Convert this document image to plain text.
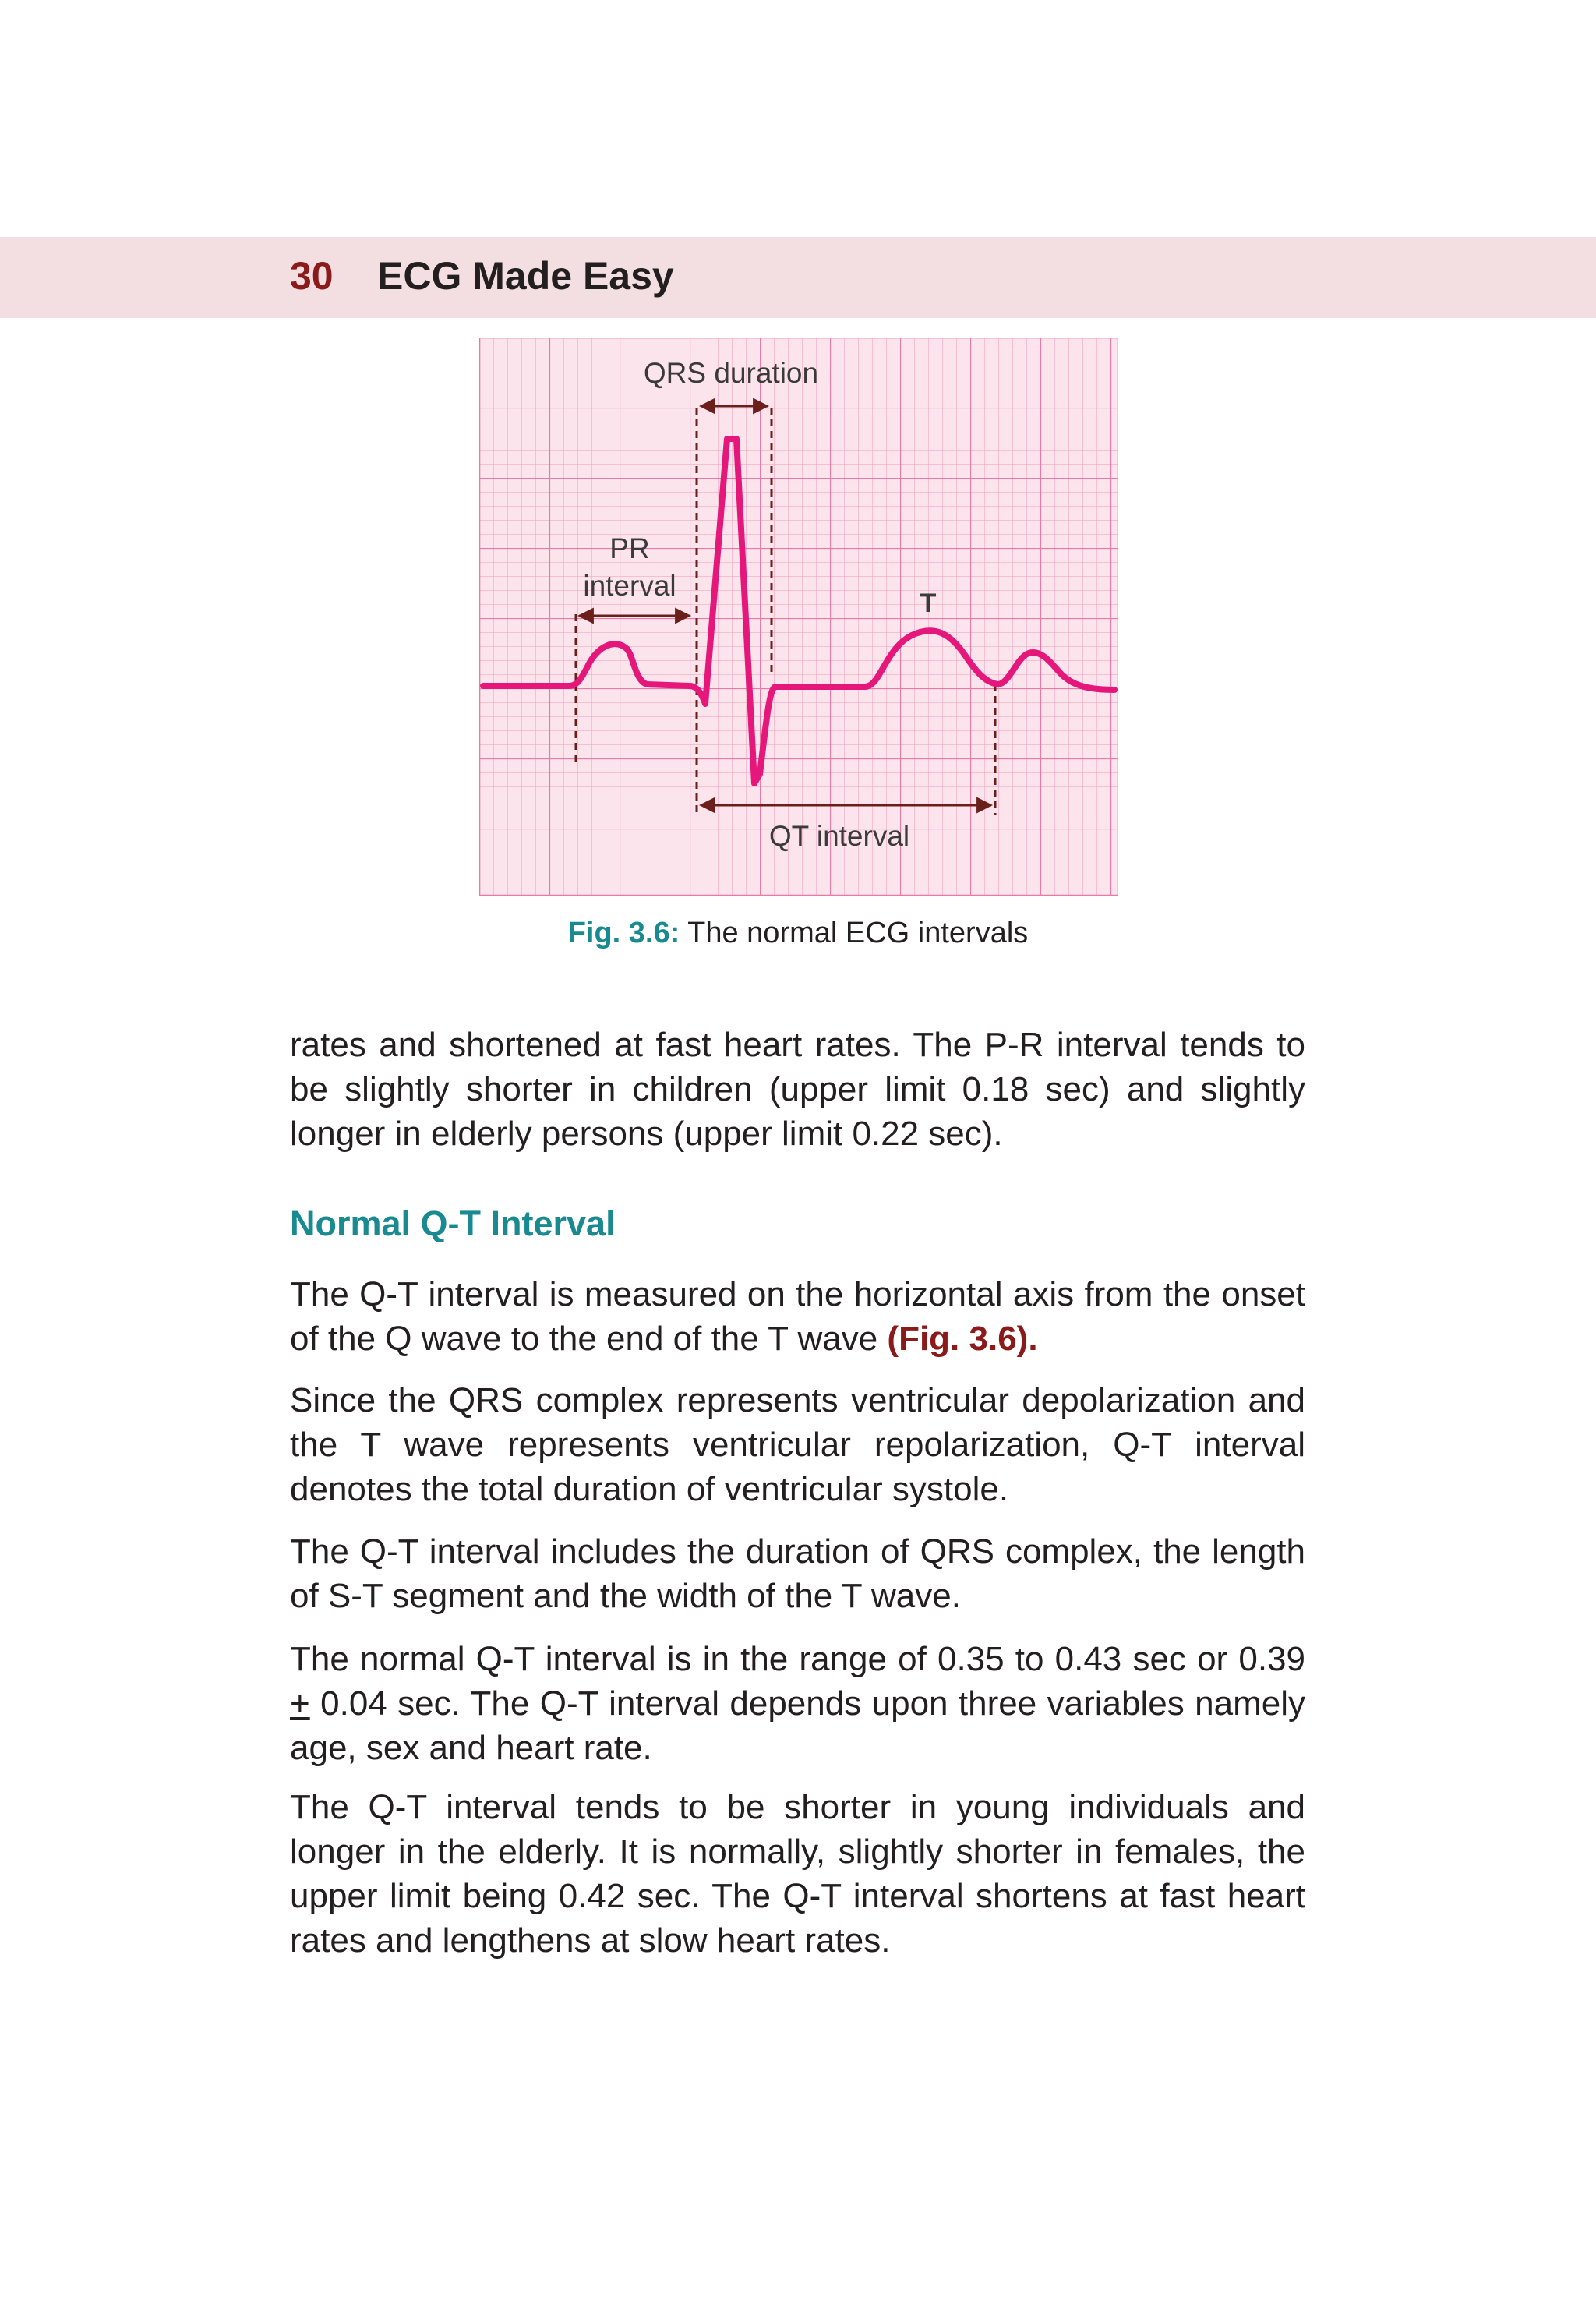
30 ECG Made Easy
QRS duration
PR
interval
T
QT interval
Fig. 3.6: The normal ECG intervals

rates and shortened at fast heart rates. The P-R interval tends to be slightly shorter in children (upper limit 0.18 sec) and slightly longer in elderly persons (upper limit 0.22 sec).

Normal Q-T Interval

The Q-T interval is measured on the horizontal axis from the onset of the Q wave to the end of the T wave (Fig. 3.6).

Since the QRS complex represents ventricular depolarization and the T wave represents ventricular repolarization, Q-T interval denotes the total duration of ventricular systole.

The Q-T interval includes the duration of QRS complex, the length of S-T segment and the width of the T wave.

The normal Q-T interval is in the range of 0.35 to 0.43 sec or 0.39 + 0.04 sec. The Q-T interval depends upon three variables namely age, sex and heart rate.

The Q-T interval tends to be shorter in young individuals and longer in the elderly. It is normally, slightly shorter in females, the upper limit being 0.42 sec. The Q-T interval shortens at fast heart rates and lengthens at slow heart rates.
